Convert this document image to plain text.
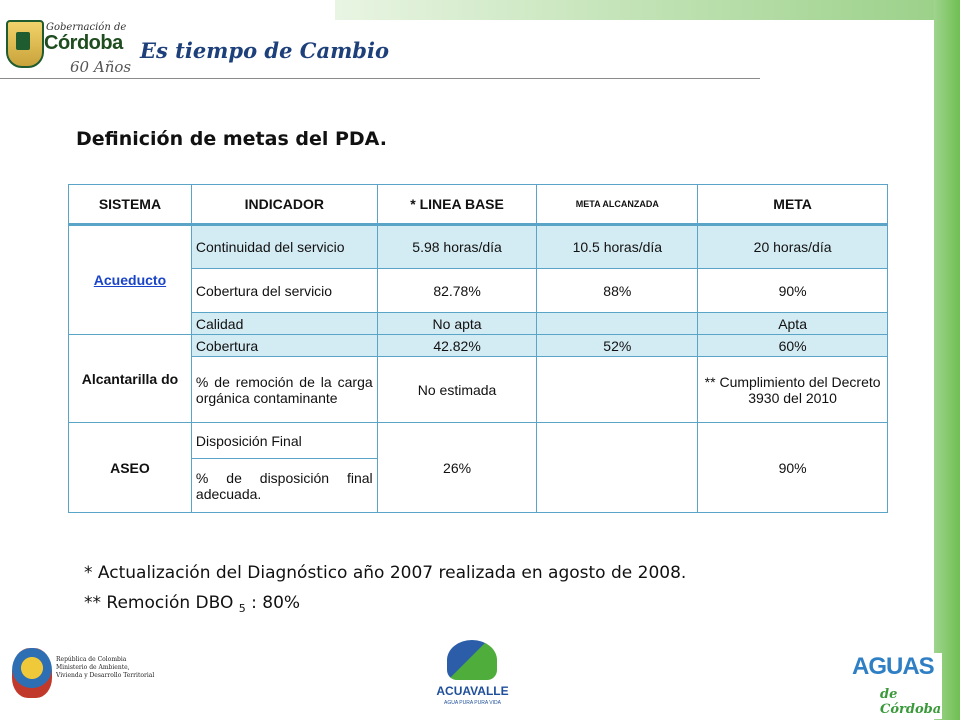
Gobernación de
Córdoba
60 Años
Es tiempo de Cambio
Definición de metas del PDA.
SISTEMA	INDICADOR	* LINEA BASE	META ALCANZADA	META
Acueducto	Continuidad del servicio	5.98 horas/día	10.5 horas/día	20 horas/día
	Cobertura del servicio	82.78%	88%	90%
	Calidad	No apta		Apta
Alcantarilla do	Cobertura	42.82%	52%	60%
	% de remoción de la carga orgánica contaminante	No estimada		** Cumplimiento del Decreto 3930 del 2010
ASEO	Disposición Final	26%		90%
	% de disposición final adecuada.			
* Actualización del Diagnóstico año 2007 realizada en agosto de 2008.
** Remoción DBO $_5$ : 80%
República de Colombia
Ministerio de Ambiente,
Vivienda y Desarrollo Territorial
ACUAVALLE
AGUA PURA PURA VIDA
AGUAS
de Córdoba
